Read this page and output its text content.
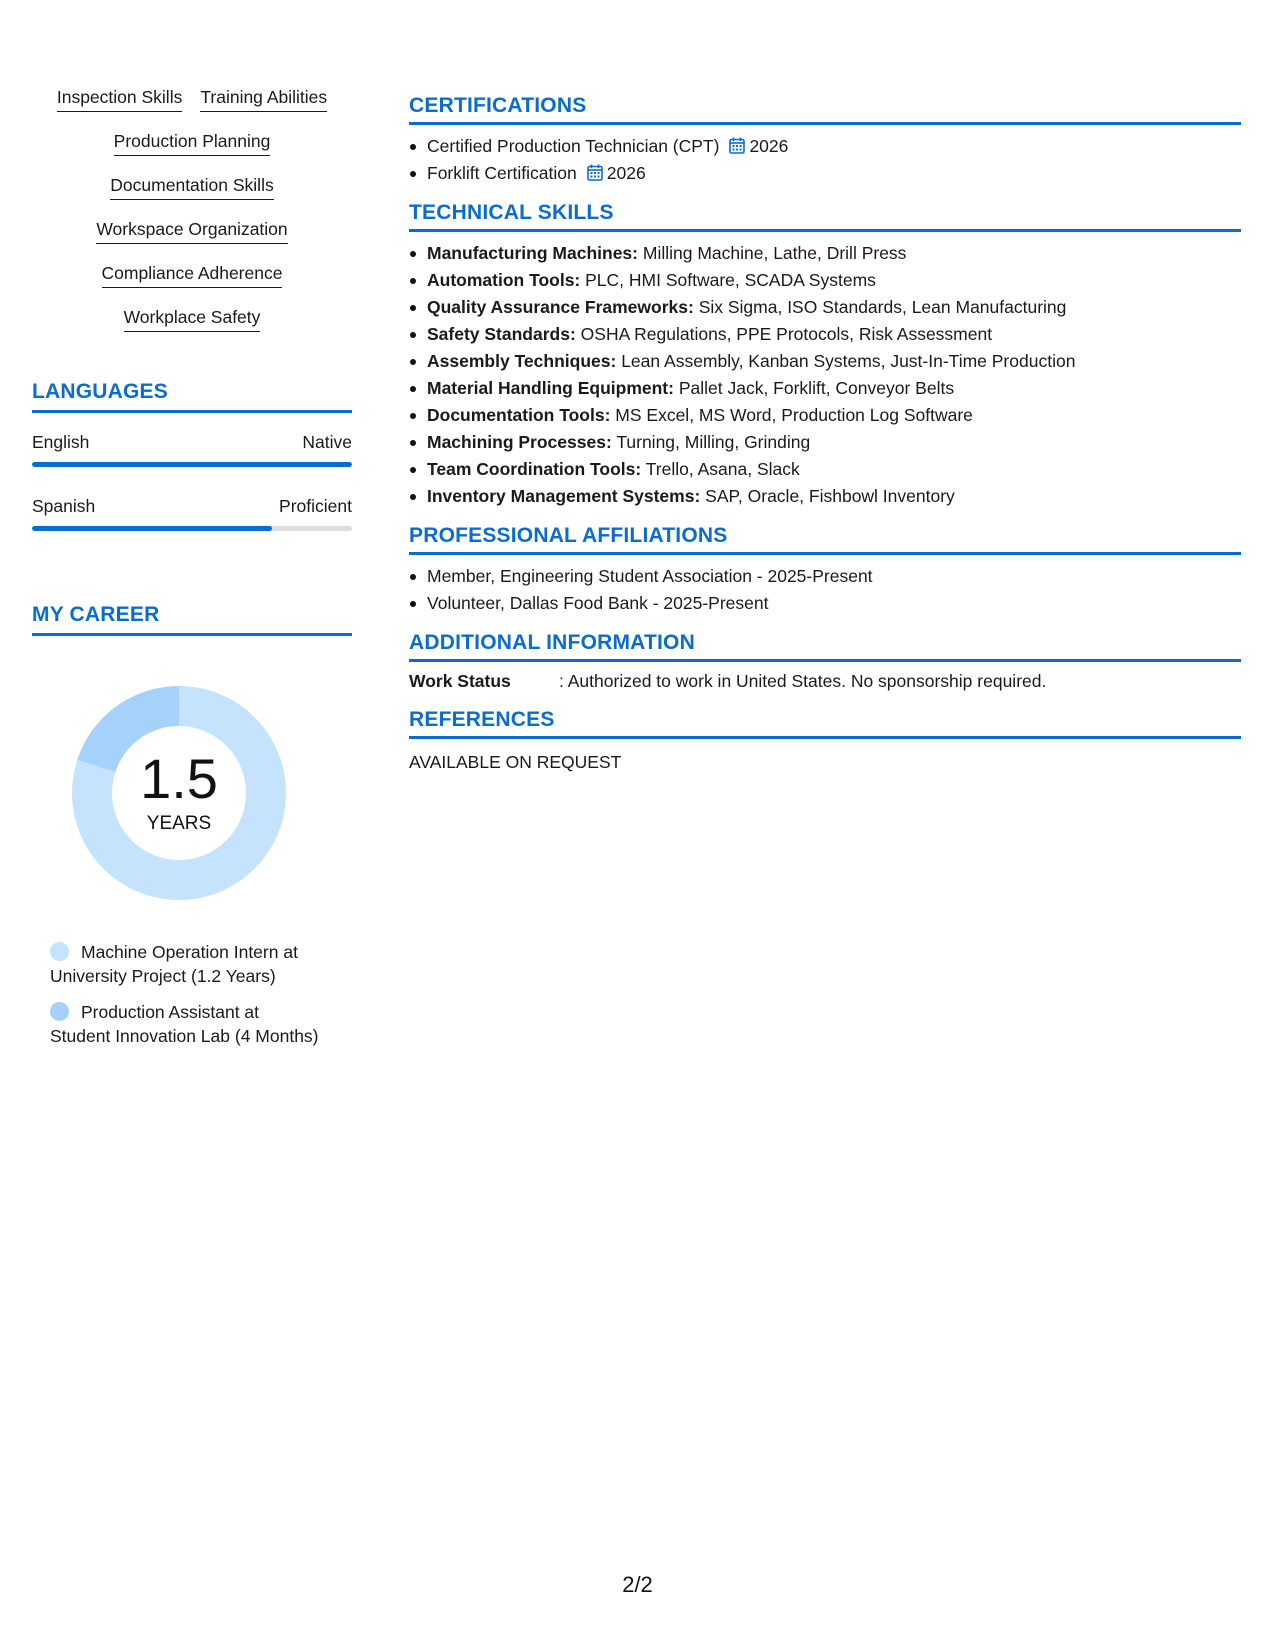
Inspection Skills Training Abilities
Production Planning
Documentation Skills
Workspace Organization
Compliance Adherence
Workplace Safety
LANGUAGES
English	Native
Spanish	Proficient
MY CAREER
1.5
YEARS
Machine Operation Intern at University Project (1.2 Years)
Production Assistant at Student Innovation Lab (4 Months)
CERTIFICATIONS
Certified Production Technician (CPT) 2026
Forklift Certification 2026
TECHNICAL SKILLS
Manufacturing Machines: Milling Machine, Lathe, Drill Press
Automation Tools: PLC, HMI Software, SCADA Systems
Quality Assurance Frameworks: Six Sigma, ISO Standards, Lean Manufacturing
Safety Standards: OSHA Regulations, PPE Protocols, Risk Assessment
Assembly Techniques: Lean Assembly, Kanban Systems, Just-In-Time Production
Material Handling Equipment: Pallet Jack, Forklift, Conveyor Belts
Documentation Tools: MS Excel, MS Word, Production Log Software
Machining Processes: Turning, Milling, Grinding
Team Coordination Tools: Trello, Asana, Slack
Inventory Management Systems: SAP, Oracle, Fishbowl Inventory
PROFESSIONAL AFFILIATIONS
Member, Engineering Student Association - 2025-Present
Volunteer, Dallas Food Bank - 2025-Present
ADDITIONAL INFORMATION
Work Status	: Authorized to work in United States. No sponsorship required.
REFERENCES
AVAILABLE ON REQUEST
2/2
